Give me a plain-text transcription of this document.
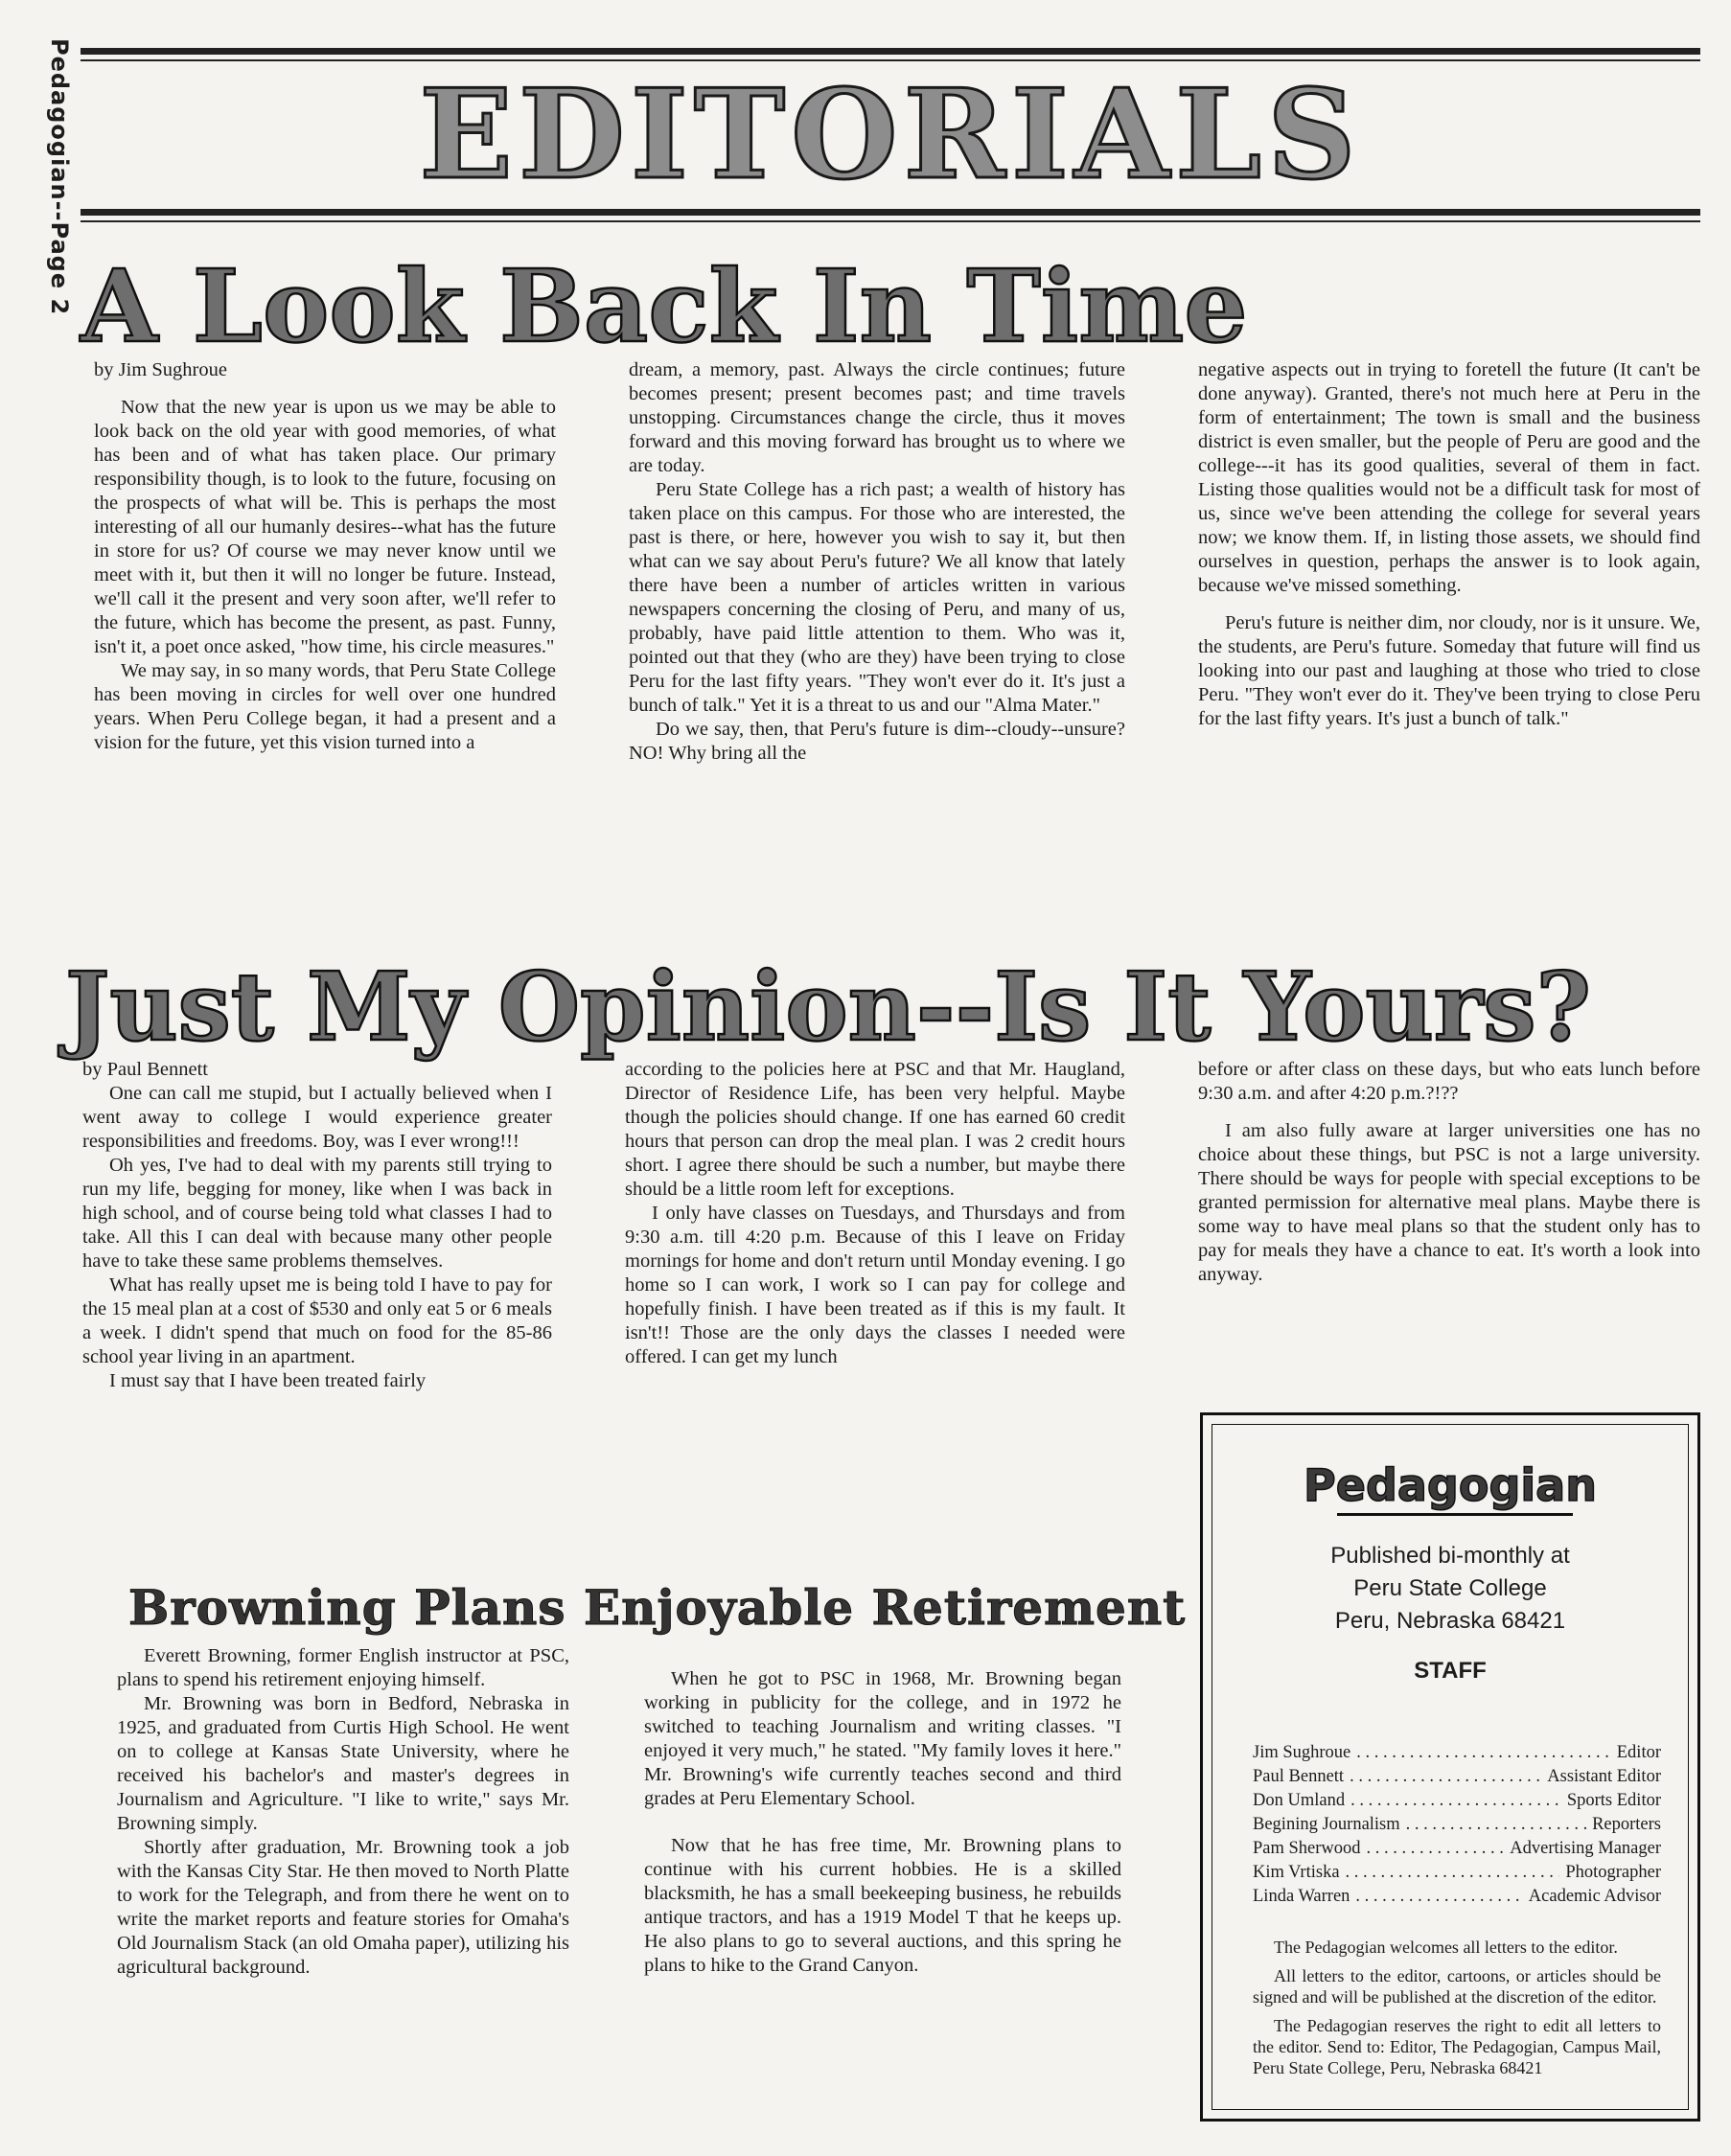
Pedagogian--Page 2	EDITORIALS
A Look Back In Time

by Jim Sughroue

Now that the new year is upon us we may be able to look back on the old year with good memories, of what has been and of what has taken place. Our primary responsibility though, is to look to the future, focusing on the prospects of what will be. This is perhaps the most interesting of all our humanly desires--what has the future in store for us? Of course we may never know until we meet with it, but then it will no longer be future. Instead, we'll call it the present and very soon after, we'll refer to the future, which has become the present, as past. Funny, isn't it, a poet once asked, "how time, his circle measures."

We may say, in so many words, that Peru State College has been moving in circles for well over one hundred years. When Peru College began, it had a present and a vision for the future, yet this vision turned into a

dream, a memory, past. Always the circle continues; future becomes present; present becomes past; and time travels unstopping. Circumstances change the circle, thus it moves forward and this moving forward has brought us to where we are today.

Peru State College has a rich past; a wealth of history has taken place on this campus. For those who are interested, the past is there, or here, however you wish to say it, but then what can we say about Peru's future? We all know that lately there have been a number of articles written in various newspapers concerning the closing of Peru, and many of us, probably, have paid little attention to them. Who was it, pointed out that they (who are they) have been trying to close Peru for the last fifty years. "They won't ever do it. It's just a bunch of talk." Yet it is a threat to us and our "Alma Mater."

Do we say, then, that Peru's future is dim--cloudy--unsure? NO! Why bring all the

negative aspects out in trying to foretell the future (It can't be done anyway). Granted, there's not much here at Peru in the form of entertainment; The town is small and the business district is even smaller, but the people of Peru are good and the college---it has its good qualities, several of them in fact. Listing those qualities would not be a difficult task for most of us, since we've been attending the college for several years now; we know them. If, in listing those assets, we should find ourselves in question, perhaps the answer is to look again, because we've missed something.

Peru's future is neither dim, nor cloudy, nor is it unsure. We, the students, are Peru's future. Someday that future will find us looking into our past and laughing at those who tried to close Peru. "They won't ever do it. They've been trying to close Peru for the last fifty years. It's just a bunch of talk."

Just My Opinion--Is It Yours?

by Paul Bennett

One can call me stupid, but I actually believed when I went away to college I would experience greater responsibilities and freedoms. Boy, was I ever wrong!!!

Oh yes, I've had to deal with my parents still trying to run my life, begging for money, like when I was back in high school, and of course being told what classes I had to take. All this I can deal with because many other people have to take these same problems themselves.

What has really upset me is being told I have to pay for the 15 meal plan at a cost of $530 and only eat 5 or 6 meals a week. I didn't spend that much on food for the 85-86 school year living in an apartment.

I must say that I have been treated fairly

according to the policies here at PSC and that Mr. Haugland, Director of Residence Life, has been very helpful. Maybe though the policies should change. If one has earned 60 credit hours that person can drop the meal plan. I was 2 credit hours short. I agree there should be such a number, but maybe there should be a little room left for exceptions.

I only have classes on Tuesdays, and Thursdays and from 9:30 a.m. till 4:20 p.m. Because of this I leave on Friday mornings for home and don't return until Monday evening. I go home so I can work, I work so I can pay for college and hopefully finish. I have been treated as if this is my fault. It isn't!! Those are the only days the classes I needed were offered. I can get my lunch

before or after class on these days, but who eats lunch before 9:30 a.m. and after 4:20 p.m.?!??

I am also fully aware at larger universities one has no choice about these things, but PSC is not a large university. There should be ways for people with special exceptions to be granted permission for alternative meal plans. Maybe there is some way to have meal plans so that the student only has to pay for meals they have a chance to eat. It's worth a look into anyway.

Browning Plans Enjoyable Retirement

Everett Browning, former English instructor at PSC, plans to spend his retirement enjoying himself.

Mr. Browning was born in Bedford, Nebraska in 1925, and graduated from Curtis High School. He went on to college at Kansas State University, where he received his bachelor's and master's degrees in Journalism and Agriculture. "I like to write," says Mr. Browning simply.

Shortly after graduation, Mr. Browning took a job with the Kansas City Star. He then moved to North Platte to work for the Telegraph, and from there he went on to write the market reports and feature stories for Omaha's Old Journalism Stack (an old Omaha paper), utilizing his agricultural background.

When he got to PSC in 1968, Mr. Browning began working in publicity for the college, and in 1972 he switched to teaching Journalism and writing classes. "I enjoyed it very much," he stated. "My family loves it here." Mr. Browning's wife currently teaches second and third grades at Peru Elementary School.

Now that he has free time, Mr. Browning plans to continue with his current hobbies. He is a skilled blacksmith, he has a small beekeeping business, he rebuilds antique tractors, and has a 1919 Model T that he keeps up. He also plans to go to several auctions, and this spring he plans to hike to the Grand Canyon.

Pedagogian
Published bi-monthly at
Peru State College
Peru, Nebraska 68421
STAFF
Jim Sughroue . . .	Editor
Paul Bennett . . .	Assistant Editor
Don Umland . . .	Sports Editor
Begining Journalism . . .	Reporters
Pam Sherwood . . .	Advertising Manager
Kim Vrtiska . . .	Photographer
Linda Warren . . .	Academic Advisor

The Pedagogian welcomes all letters to the editor.

All letters to the editor, cartoons, or articles should be signed and will be published at the discretion of the editor.

The Pedagogian reserves the right to edit all letters to the editor. Send to: Editor, The Pedagogian, Campus Mail, Peru State College, Peru, Nebraska 68421
